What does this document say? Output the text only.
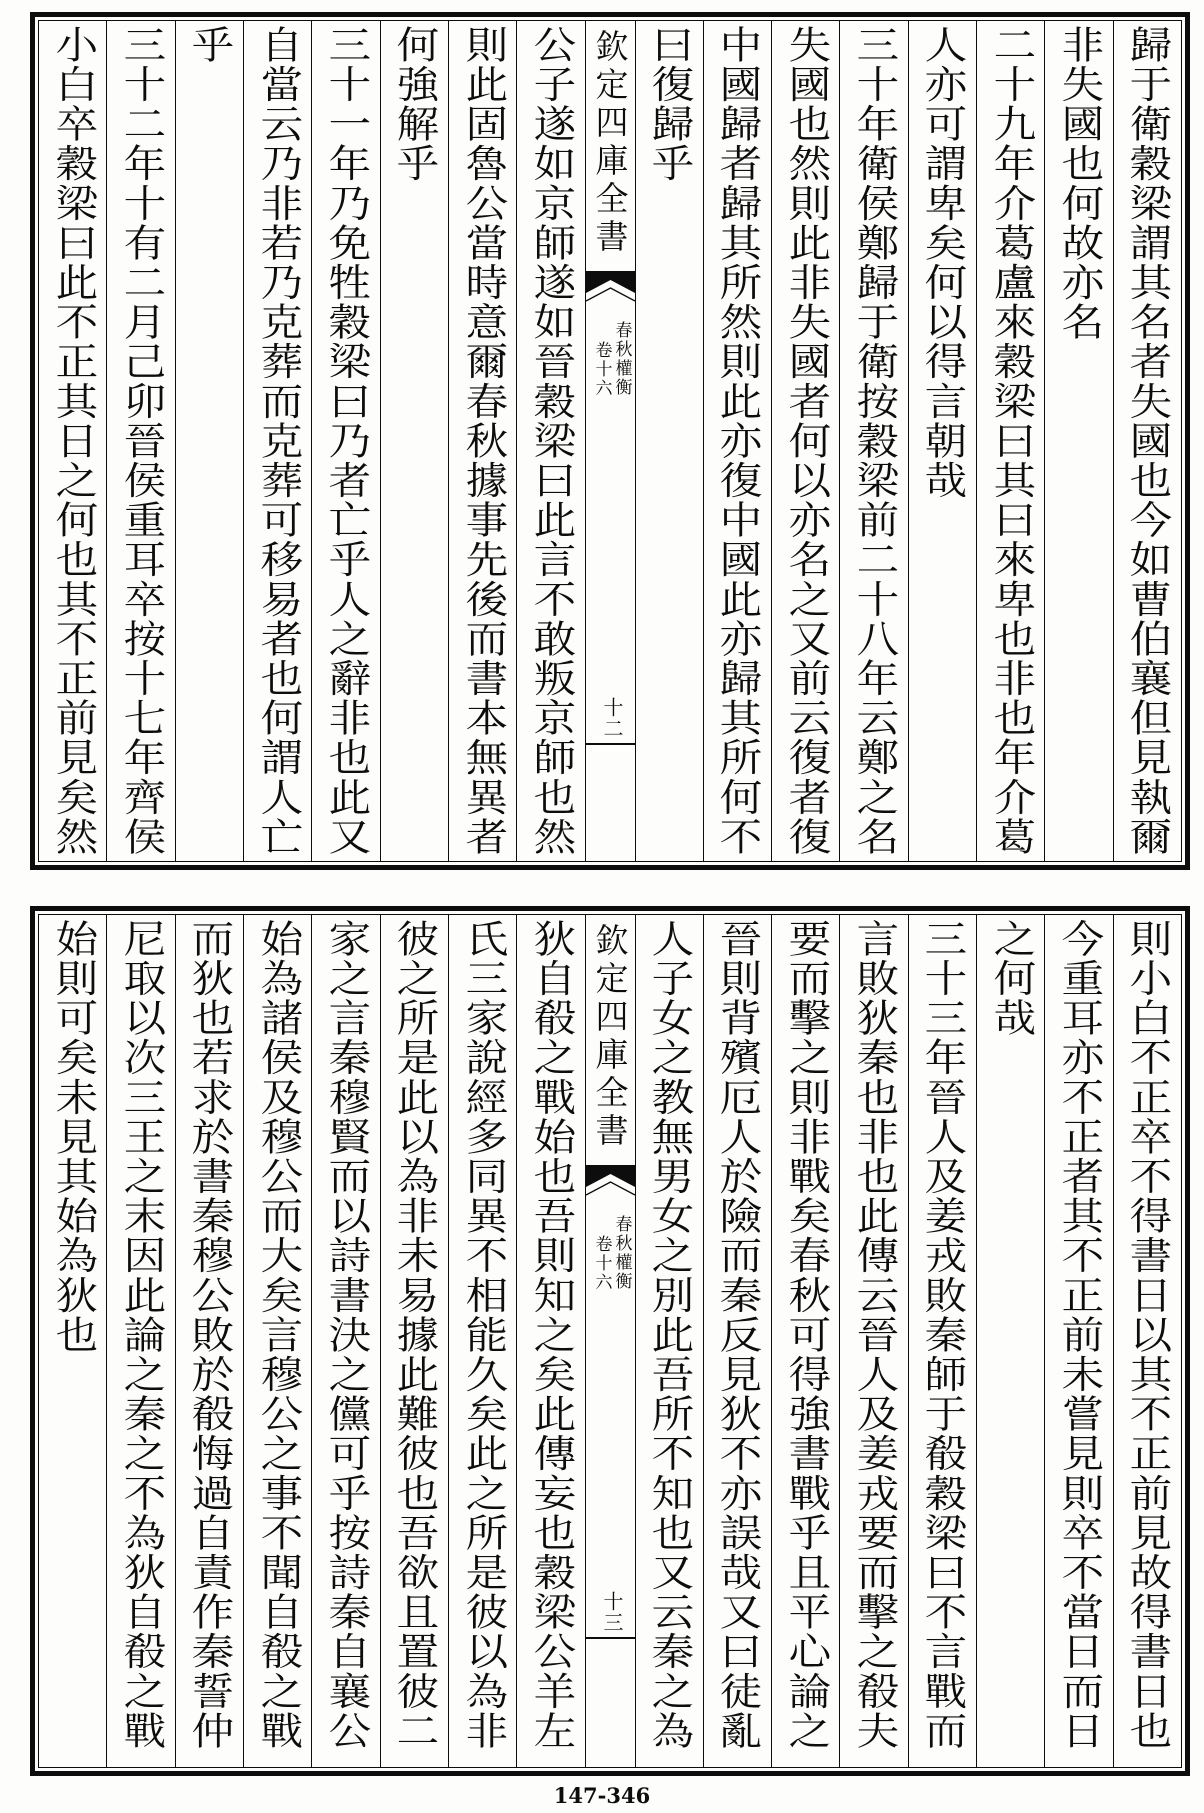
歸于衛穀梁謂其名者失國也今如曹伯襄但見執爾
非失國也何故亦名
二十九年介葛盧來穀梁曰其曰來卑也非也年介葛
人亦可謂卑矣何以得言朝哉
三十年衛侯鄭歸于衛按穀梁前二十八年云鄭之名
失國也然則此非失國者何以亦名之又前云復者復
中國歸者歸其所然則此亦復中國此亦歸其所何不
曰復歸乎
欽定四庫全書
春秋權衡
卷十六
十二
公子遂如京師遂如晉穀梁曰此言不敢叛京師也然
則此固魯公當時意爾春秋據事先後而書本無異者
何強解乎
三十一年乃免牲穀梁曰乃者亡乎人之辭非也此又
自當云乃非若乃克葬而克葬可移易者也何謂人亡
乎
三十二年十有二月己卯晉侯重耳卒按十七年齊侯
小白卒穀梁曰此不正其日之何也其不正前見矣然
則小白不正卒不得書日以其不正前見故得書日也
今重耳亦不正者其不正前未嘗見則卒不當日而日
之何哉
三十三年晉人及姜戎敗秦師于殽穀梁曰不言戰而
言敗狄秦也非也此傳云晉人及姜戎要而擊之殽夫
要而擊之則非戰矣春秋可得強書戰乎且平心論之
晉則背殯厄人於險而秦反見狄不亦誤哉又曰徒亂
人子女之教無男女之別此吾所不知也又云秦之為
欽定四庫全書
春秋權衡
卷十六
十三
狄自殽之戰始也吾則知之矣此傳妄也穀梁公羊左
氏三家說經多同異不相能久矣此之所是彼以為非
彼之所是此以為非未易據此難彼也吾欲且置彼二
家之言秦穆賢而以詩書決之儻可乎按詩秦自襄公
始為諸侯及穆公而大矣言穆公之事不聞自殽之戰
而狄也若求於書秦穆公敗於殽悔過自責作秦誓仲
尼取以次三王之末因此論之秦之不為狄自殽之戰
始則可矣未見其始為狄也
147-346
